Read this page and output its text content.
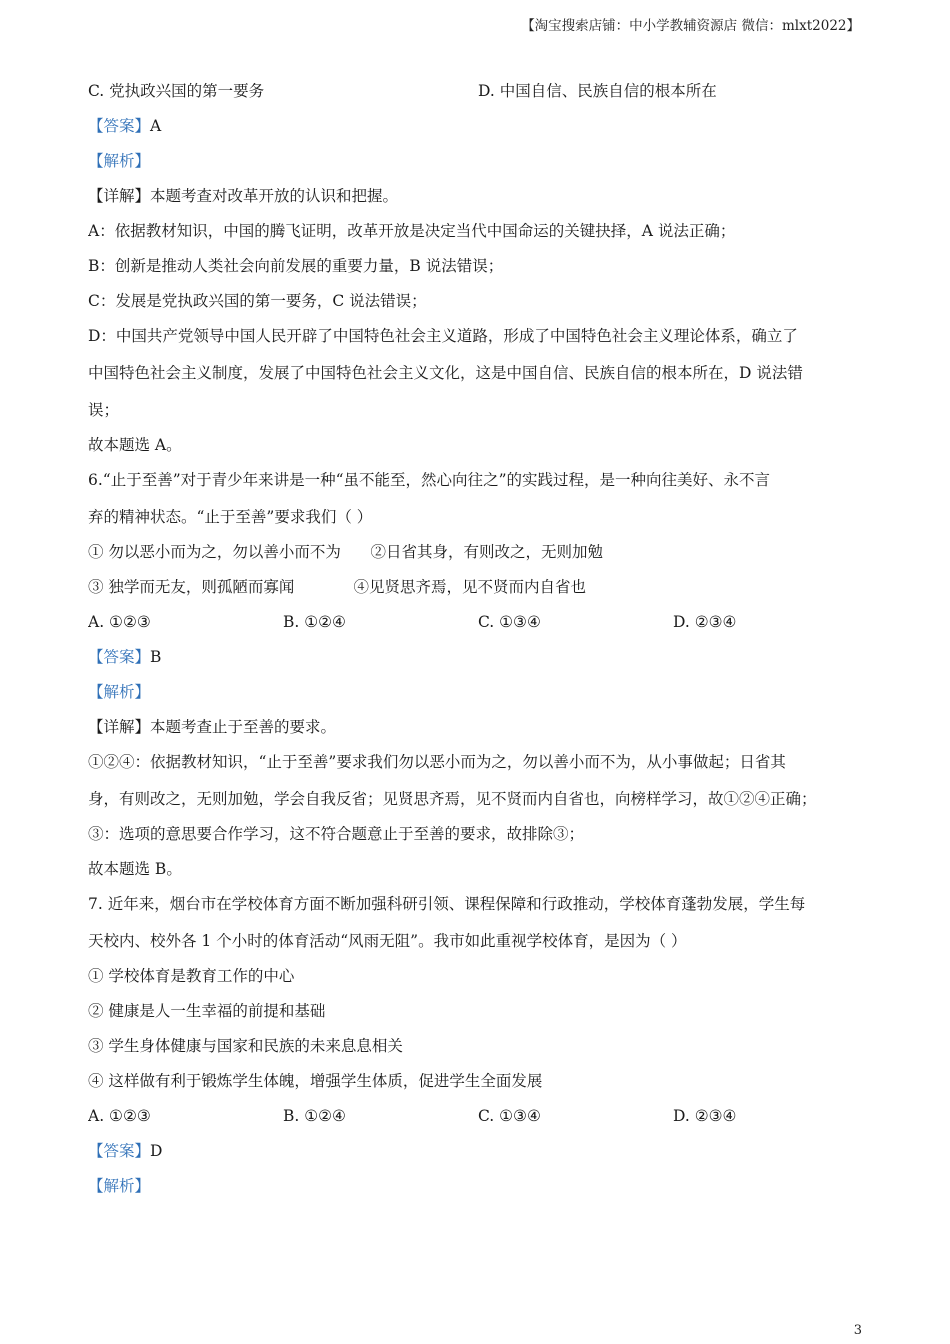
【淘宝搜索店铺：中小学教辅资源店 微信：mlxt2022】
C. 党执政兴国的第一要务	D. 中国自信、民族自信的根本所在
【答案】A
【解析】
【详解】本题考查对改革开放的认识和把握。
A：依据教材知识，中国的腾飞证明，改革开放是决定当代中国命运的关键抉择，A 说法正确；
B：创新是推动人类社会向前发展的重要力量，B 说法错误；
C：发展是党执政兴国的第一要务，C 说法错误；
D：中国共产党领导中国人民开辟了中国特色社会主义道路，形成了中国特色社会主义理论体系，确立了
中国特色社会主义制度，发展了中国特色社会主义文化，这是中国自信、民族自信的根本所在，D 说法错
误；
故本题选 A。
6.“止于至善”对于青少年来讲是一种“虽不能至，然心向往之”的实践过程，是一种向往美好、永不言
弃的精神状态。“止于至善”要求我们（ ）
① 勿以恶小而为之，勿以善小而不为      ②日省其身，有则改之，无则加勉
③ 独学而无友，则孤陋而寡闻            ④见贤思齐焉，见不贤而内自省也
A. ①②③	B. ①②④	C. ①③④	D. ②③④
【答案】B
【解析】
【详解】本题考查止于至善的要求。
①②④：依据教材知识，“止于至善”要求我们勿以恶小而为之，勿以善小而不为，从小事做起；日省其
身，有则改之，无则加勉，学会自我反省；见贤思齐焉，见不贤而内自省也，向榜样学习，故①②④正确；
③：选项的意思要合作学习，这不符合题意止于至善的要求，故排除③；
故本题选 B。
7. 近年来，烟台市在学校体育方面不断加强科研引领、课程保障和行政推动，学校体育蓬勃发展，学生每
天校内、校外各 1 个小时的体育活动“风雨无阻”。我市如此重视学校体育，是因为（ ）
① 学校体育是教育工作的中心
② 健康是人一生幸福的前提和基础
③ 学生身体健康与国家和民族的未来息息相关
④ 这样做有利于锻炼学生体魄，增强学生体质，促进学生全面发展
A. ①②③	B. ①②④	C. ①③④	D. ②③④
【答案】D
【解析】
3
